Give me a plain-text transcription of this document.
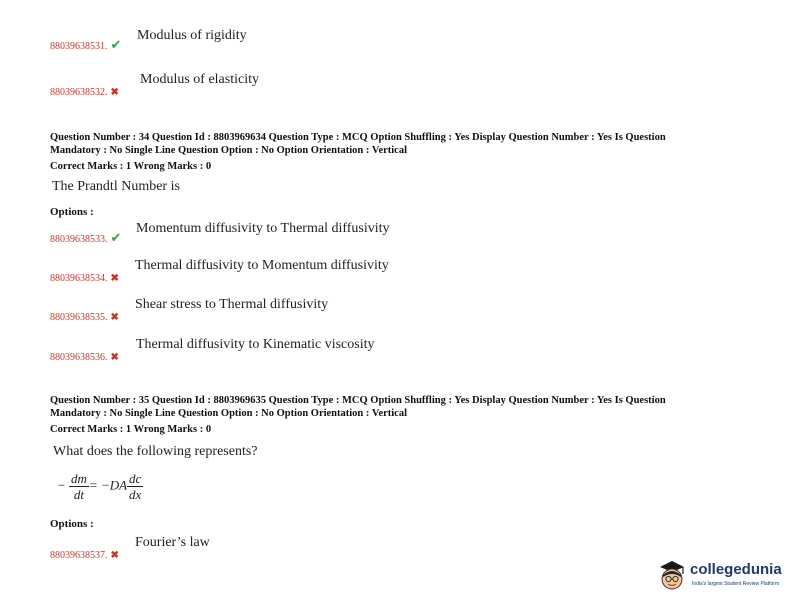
88039638531. ✔
Modulus of rigidity
88039638532. ✖
Modulus of elasticity
Question Number : 34 Question Id : 8803969634 Question Type : MCQ Option Shuffling : Yes Display Question Number : Yes Is Question
Mandatory : No Single Line Question Option : No Option Orientation : Vertical
Correct Marks : 1 Wrong Marks : 0
The Prandtl Number is
Options :
88039638533. ✔
Momentum diffusivity to Thermal diffusivity
88039638534. ✖
Thermal diffusivity to Momentum diffusivity
88039638535. ✖
Shear stress to Thermal diffusivity
88039638536. ✖
Thermal diffusivity to Kinematic viscosity
Question Number : 35 Question Id : 8803969635 Question Type : MCQ Option Shuffling : Yes Display Question Number : Yes Is Question
Mandatory : No Single Line Question Option : No Option Orientation : Vertical
Correct Marks : 1 Wrong Marks : 0
What does the following represents?
− $\frac{dm}{dt} = -DA \frac{dc}{dx}$
Options :
88039638537. ✖
Fourier’s law
collegedunia
India's largest Student Review Platform
